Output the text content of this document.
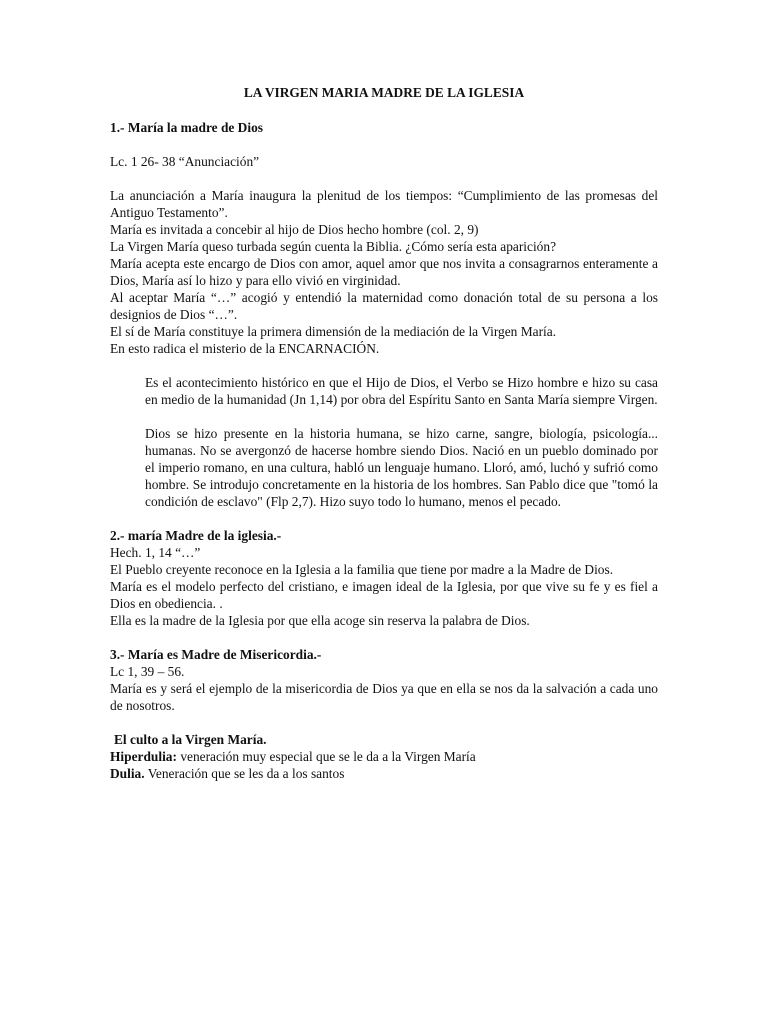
LA VIRGEN MARIA MADRE DE LA IGLESIA

1.- María la madre de Dios

Lc. 1 26- 38 “Anunciación”

La anunciación a María inaugura la plenitud de los tiempos: “Cumplimiento de las promesas del Antiguo Testamento”.

María es invitada a concebir al hijo de Dios hecho hombre (col. 2, 9)

La Virgen María queso turbada según cuenta la Biblia. ¿Cómo sería esta aparición?

María acepta este encargo de Dios con amor, aquel amor que nos invita a consagrarnos enteramente a Dios, María así lo hizo y para ello vivió en virginidad.

Al aceptar María “…” acogió y entendió la maternidad como donación total de su persona a los designios de Dios “…”.

El sí de María constituye la primera dimensión de la mediación de la Virgen María.

En esto radica el misterio de la ENCARNACIÓN.

Es el acontecimiento histórico en que el Hijo de Dios, el Verbo se Hizo hombre e hizo su casa en medio de la humanidad (Jn 1,14) por obra del Espíritu Santo en Santa María siempre Virgen.

Dios se hizo presente en la historia humana, se hizo carne, sangre, biología, psicología... humanas. No se avergonzó de hacerse hombre siendo Dios. Nació en un pueblo dominado por el imperio romano, en una cultura, habló un lenguaje humano. Lloró, amó, luchó y sufrió como hombre. Se introdujo concretamente en la historia de los hombres. San Pablo dice que "tomó la condición de esclavo" (Flp 2,7). Hizo suyo todo lo humano, menos el pecado.

2.- maría Madre de la iglesia.-

Hech. 1, 14 “…”

El Pueblo creyente reconoce en la Iglesia a la familia que tiene por madre a la Madre de Dios.

María es el modelo perfecto del cristiano, e imagen ideal de la Iglesia, por que vive su fe y es fiel a Dios en obediencia. .

Ella es la madre de la Iglesia por que ella acoge sin reserva la palabra de Dios.

3.- María es Madre de Misericordia.-

Lc 1, 39 – 56.

María es y será el ejemplo de la misericordia de Dios ya que en ella se nos da la salvación a cada uno de nosotros.

El culto a la Virgen María.

Hiperdulia: veneración muy especial que se le da a la Virgen María

Dulia. Veneración que se les da a los santos
